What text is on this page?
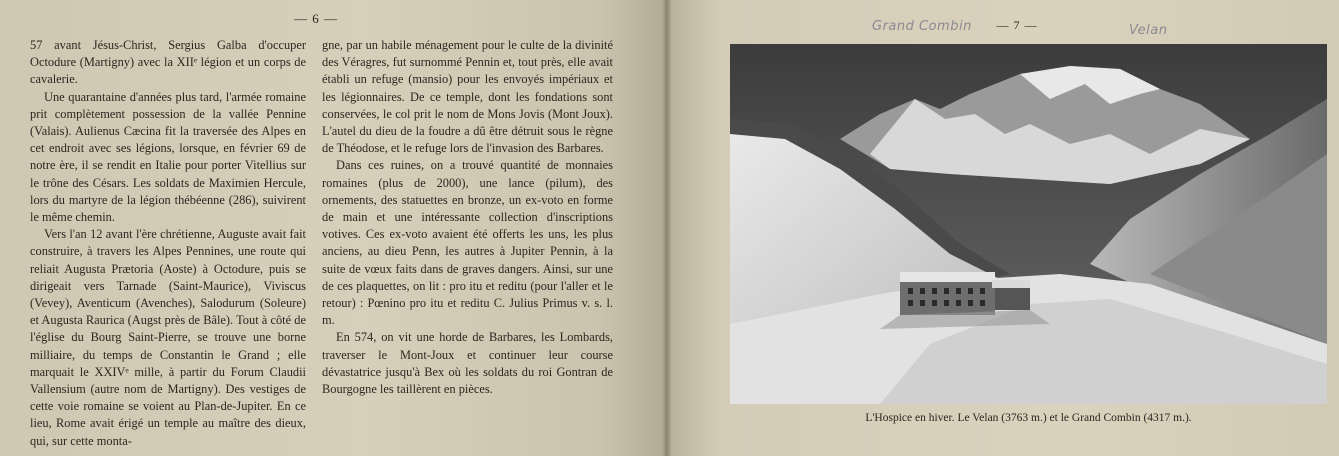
— 6 —

57 avant Jésus-Christ, Sergius Galba d'occuper Octodure (Martigny) avec la XIIᵉ légion et un corps de cavalerie.

Une quarantaine d'années plus tard, l'armée romaine prit complètement possession de la vallée Pennine (Valais). Aulienus Cæcina fit la traversée des Alpes en cet endroit avec ses légions, lorsque, en février 69 de notre ère, il se rendit en Italie pour porter Vitellius sur le trône des Césars. Les soldats de Maximien Hercule, lors du martyre de la légion thébéenne (286), suivirent le même chemin.

Vers l'an 12 avant l'ère chrétienne, Auguste avait fait construire, à travers les Alpes Pennines, une route qui reliait Augusta Prætoria (Aoste) à Octodure, puis se dirigeait vers Tarnade (Saint-Maurice), Viviscus (Vevey), Aventicum (Avenches), Salodurum (Soleure) et Augusta Raurica (Augst près de Bâle). Tout à côté de l'église du Bourg Saint-Pierre, se trouve une borne milliaire, du temps de Constantin le Grand ; elle marquait le XXIVᵉ mille, à partir du Forum Claudii Vallensium (autre nom de Martigny). Des vestiges de cette voie romaine se voient au Plan-de-Jupiter. En ce lieu, Rome avait érigé un temple au maître des dieux, qui, sur cette monta-

gne, par un habile ménagement pour le culte de la divinité des Véragres, fut surnommé Pennin et, tout près, elle avait établi un refuge (mansio) pour les envoyés impériaux et les légionnaires. De ce temple, dont les fondations sont conservées, le col prit le nom de Mons Jovis (Mont Joux). L'autel du dieu de la foudre a dû être détruit sous le règne de Théodose, et le refuge lors de l'invasion des Barbares.

Dans ces ruines, on a trouvé quantité de monnaies romaines (plus de 2000), une lance (pilum), des ornements, des statuettes en bronze, un ex-voto en forme de main et une intéressante collection d'inscriptions votives. Ces ex-voto avaient été offerts les uns, les plus anciens, au dieu Penn, les autres à Jupiter Pennin, à la suite de vœux faits dans de graves dangers. Ainsi, sur une de ces plaquettes, on lit : pro itu et reditu (pour l'aller et le retour) : Pœnino pro itu et reditu C. Julius Primus v. s. l. m.

En 574, on vit une horde de Barbares, les Lombards, traverser le Mont-Joux et continuer leur course dévastatrice jusqu'à Bex où les soldats du roi Gontran de Bourgogne les taillèrent en pièces.

Grand Combin	Velan
— 7 —
L'Hospice en hiver. Le Velan (3763 m.) et le Grand Combin (4317 m.).
